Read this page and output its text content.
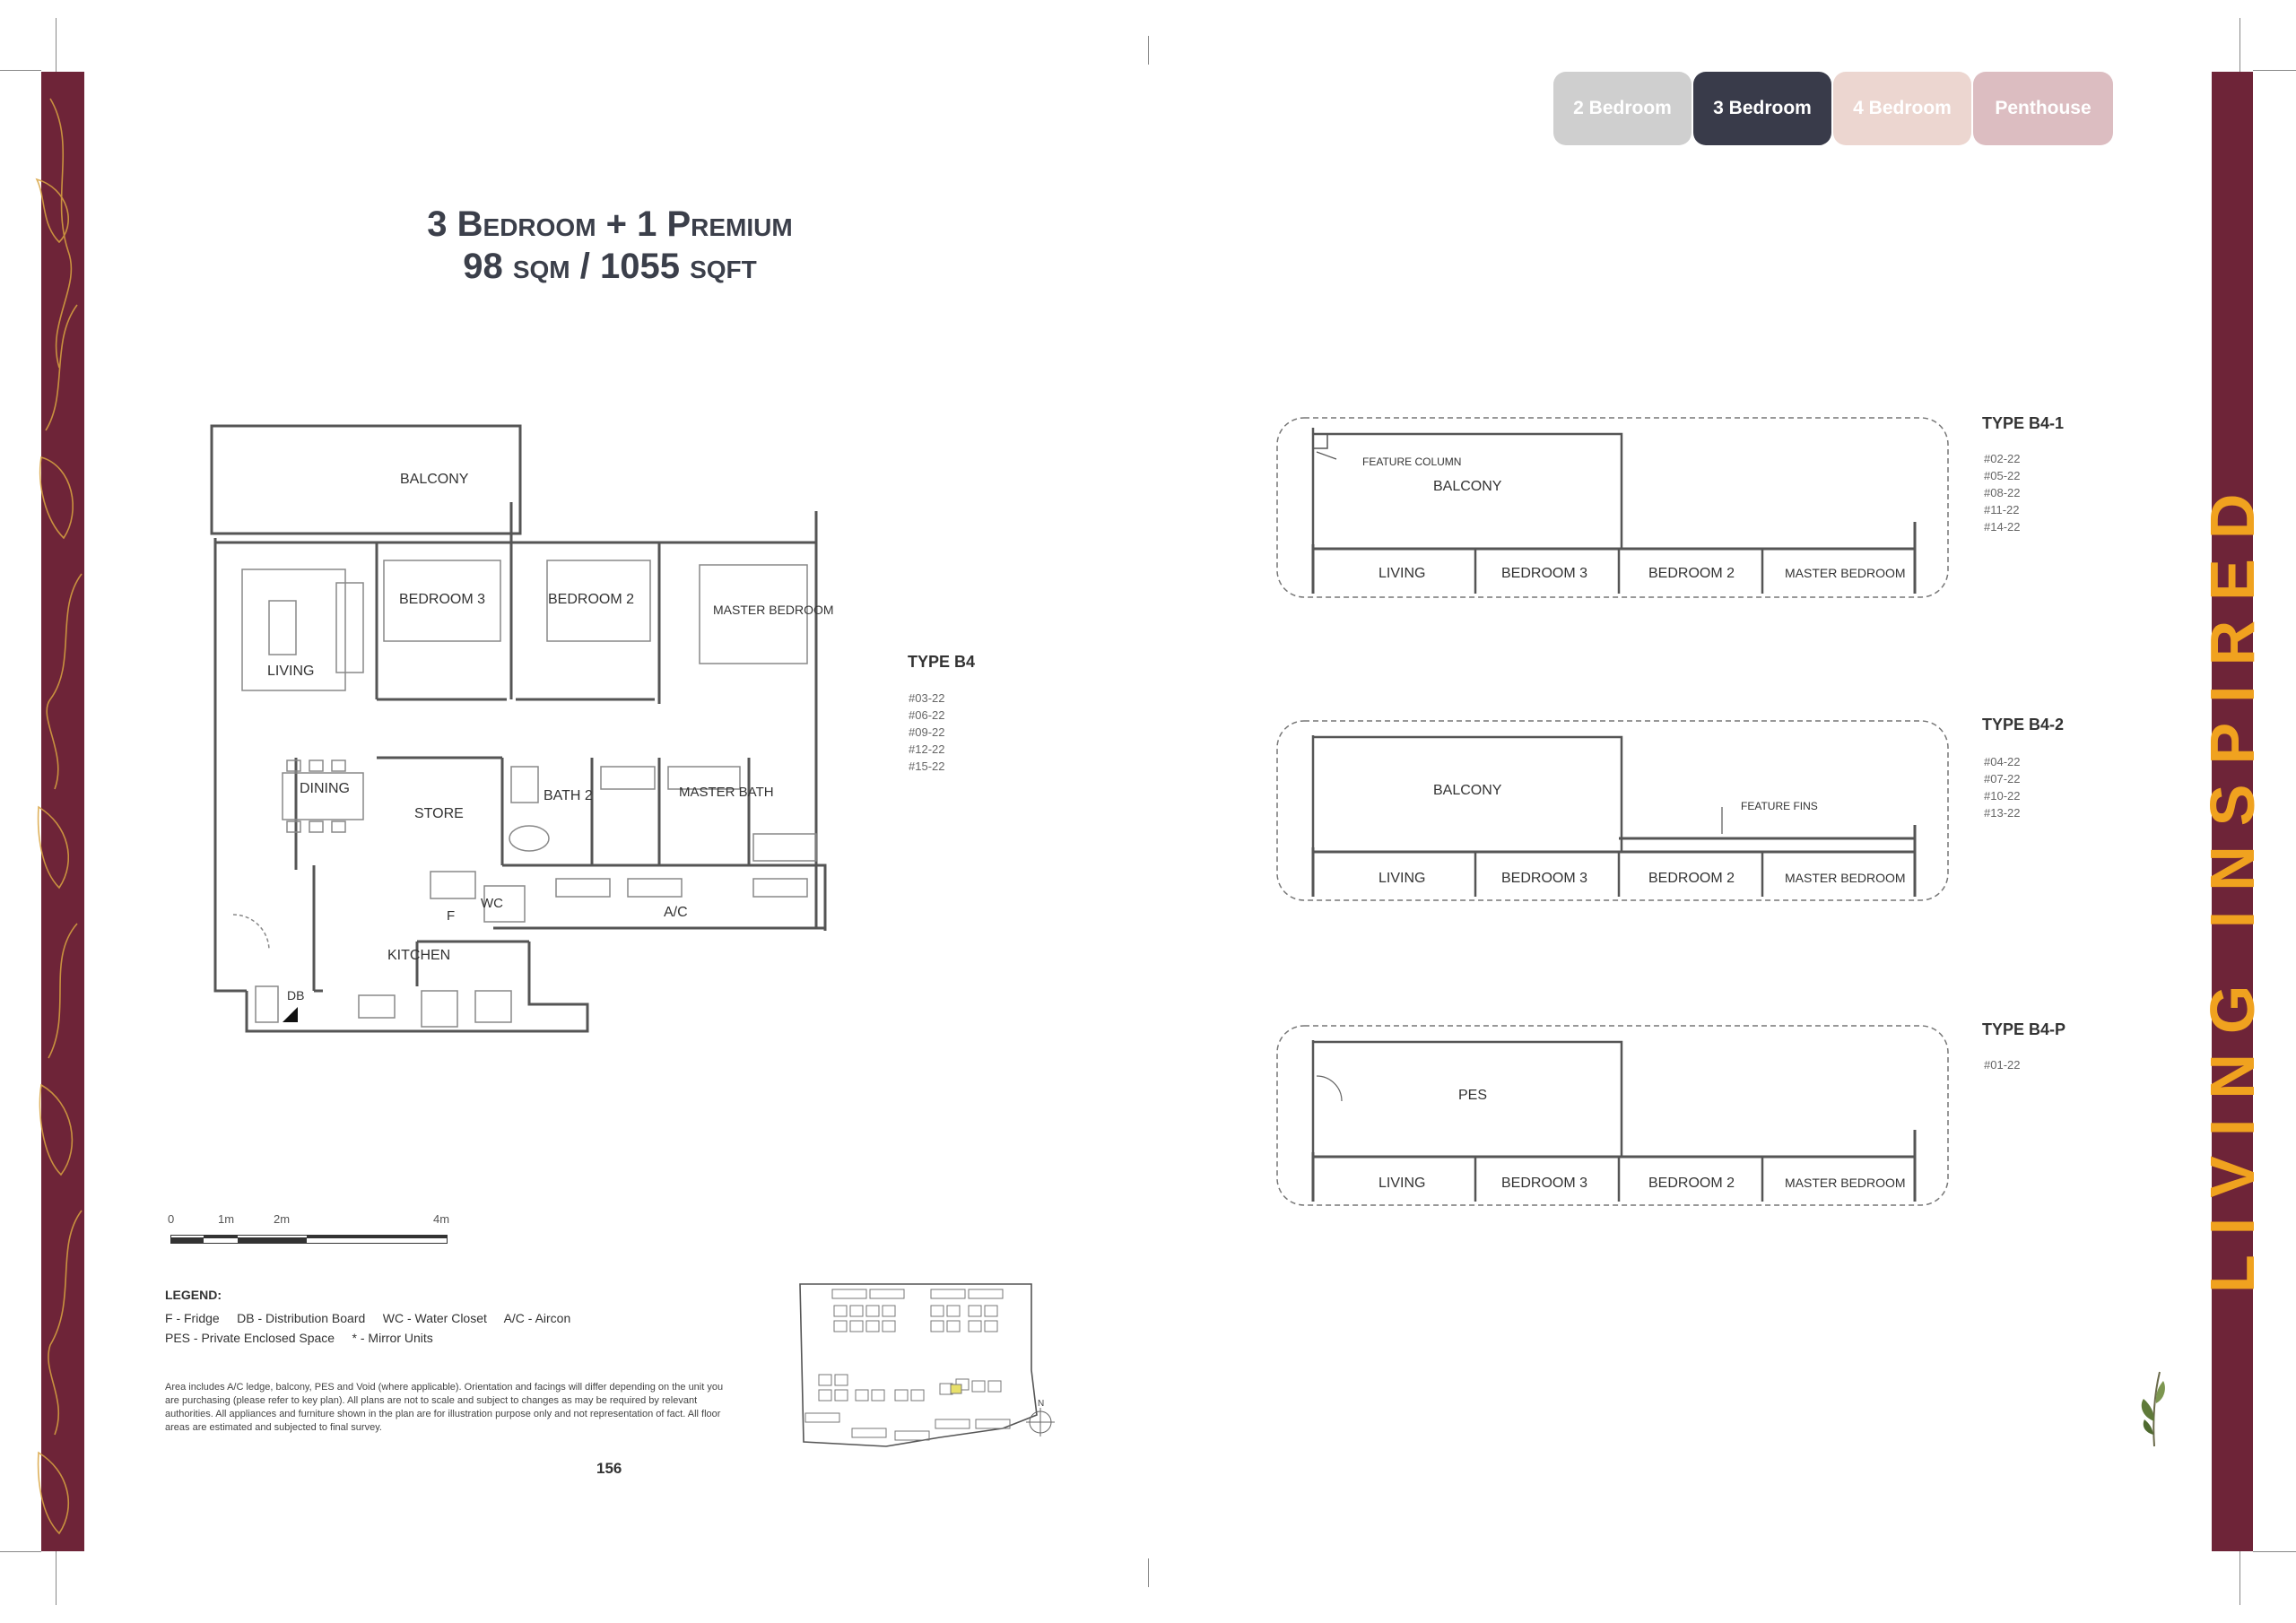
LIVING INSPIRED
2 Bedroom	3 Bedroom	4 Bedroom	Penthouse
3 Bedroom + 1 Premium
98 sqm / 1055 sqft
BALCONY
BEDROOM 3	BEDROOM 2
MASTER BEDROOM
LIVING
DINING
STORE
BATH 2	MASTER BATH
A/C
WC
F
KITCHEN
DB
TYPE B4
#03-22
#06-22
#09-22
#12-22
#15-22
0	1m	2m	4m
LEGEND:
F - Fridge     DB - Distribution Board     WC - Water Closet     A/C - Aircon
PES - Private Enclosed Space     * - Mirror Units
Area includes A/C ledge, balcony, PES and Void (where applicable). Orientation and facings will differ depending on the unit you are purchasing (please refer to key plan). All plans are not to scale and subject to changes as may be required by relevant authorities. All appliances and furniture shown in the plan are for illustration purpose only and not representation of fact. All floor areas are estimated and subjected to final survey.
156
N
FEATURE COLUMN
BALCONY
LIVING	BEDROOM 3	BEDROOM 2	MASTER BEDROOM
TYPE B4-1
#02-22
#05-22
#08-22
#11-22
#14-22
FEATURE FINS
BALCONY
LIVING	BEDROOM 3	BEDROOM 2	MASTER BEDROOM
TYPE B4-2
#04-22
#07-22
#10-22
#13-22
PES
LIVING	BEDROOM 3	BEDROOM 2	MASTER BEDROOM
TYPE B4-P
#01-22
